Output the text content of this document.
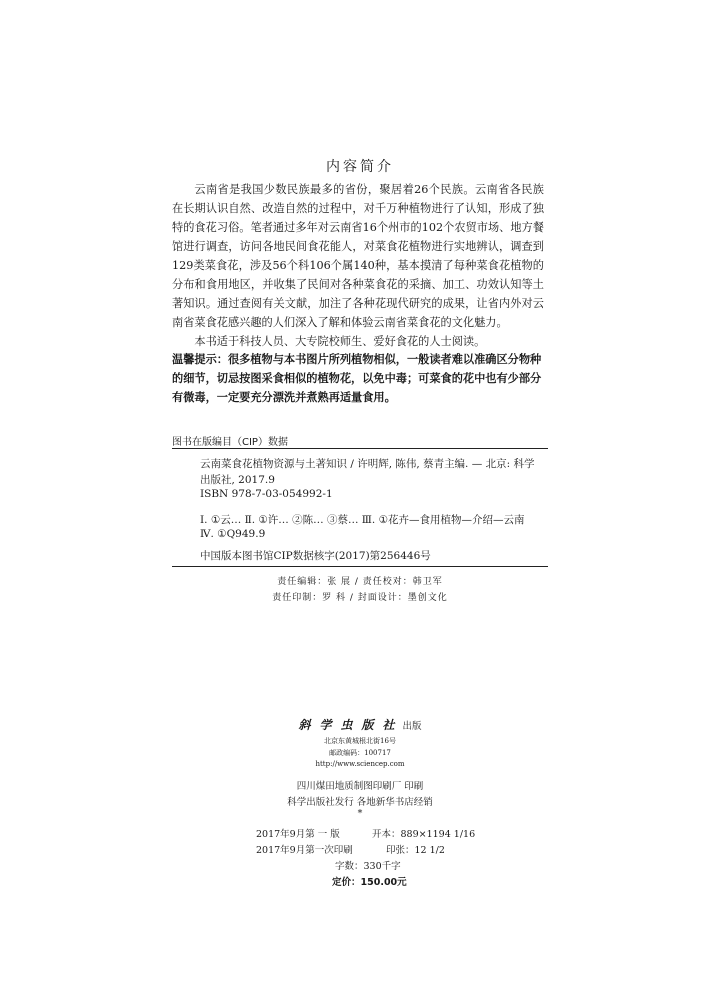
内容简介

云南省是我国少数民族最多的省份，聚居着26个民族。云南省各民族在长期认识自然、改造自然的过程中，对千万种植物进行了认知，形成了独特的食花习俗。笔者通过多年对云南省16个州市的102个农贸市场、地方餐馆进行调查，访问各地民间食花能人，对菜食花植物进行实地辨认，调查到129类菜食花，涉及56个科106个属140种，基本摸清了每种菜食花植物的分布和食用地区，并收集了民间对各种菜食花的采摘、加工、功效认知等土著知识。通过查阅有关文献，加注了各种花现代研究的成果，让省内外对云南省菜食花感兴趣的人们深入了解和体验云南省菜食花的文化魅力。

本书适于科技人员、大专院校师生、爱好食花的人士阅读。

温馨提示：很多植物与本书图片所列植物相似，一般读者难以准确区分物种的细节，切忌按图采食相似的植物花，以免中毒；可菜食的花中也有少部分有微毒，一定要充分漂洗并煮熟再适量食用。
图书在版编目（CIP）数据
云南菜食花植物资源与土著知识 / 许明辉, 陈伟, 蔡青主编. — 北京: 科学
出版社, 2017.9
ISBN 978-7-03-054992-1
Ⅰ. ①云… Ⅱ. ①许… ②陈… ③蔡… Ⅲ. ①花卉—食用植物—介绍—云南
Ⅳ. ①Q949.9
中国版本图书馆CIP数据核字(2017)第256446号
责任编辑：张 展 / 责任校对：韩卫军
责任印制：罗 科 / 封面设计：墨创文化
斜 学 虫 版 社 出版
北京东黄城根北街16号
邮政编码：100717
http://www.sciencep.com
四川煤田地质制图印刷厂 印刷
科学出版社发行 各地新华书店经销
*
2017年9月第 一 版	开本：889×1194 1/16
2017年9月第一次印刷	印张：12 1/2
字数：330千字
定价：150.00元
